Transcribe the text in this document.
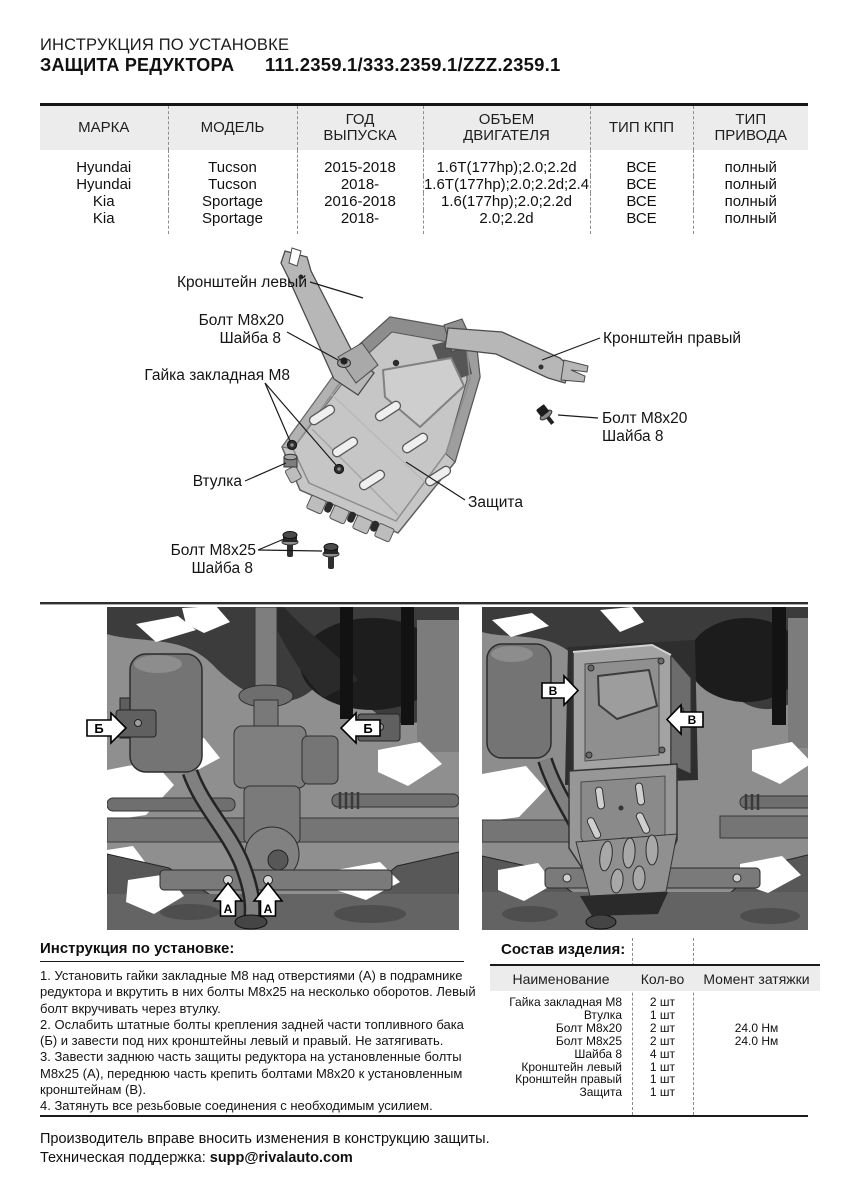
ИНСТРУКЦИЯ ПО УСТАНОВКЕ
ЗАЩИТА РЕДУКТОРА 111.2359.1/333.2359.1/ZZZ.2359.1
МАРКА	МОДЕЛЬ	ГОД ВЫПУСКА	ОБЪЕМ ДВИГАТЕЛЯ	ТИП КПП	ТИП ПРИВОДА
Hyundai	Tucson	2015-2018	1.6T(177hp);2.0;2.2d	ВСЕ	полный
Hyundai	Tucson	2018-	1.6T(177hp);2.0;2.2d;2.4	ВСЕ	полный
Kia	Sportage	2016-2018	1.6(177hp);2.0;2.2d	ВСЕ	полный
Kia	Sportage	2018-	2.0;2.2d	ВСЕ	полный
Кронштейн левый
Болт М8х20
Шайба 8
Гайка закладная М8
Втулка
Кронштейн правый
Болт М8х20
Шайба 8
Защита
Болт М8х25
Шайба 8
Б	Б
А	А
В
В
Инструкция по установке:
1. Установить гайки закладные М8 над отверстиями (А) в подрамнике редуктора и вкрутить в них болты М8х25 на несколько оборотов. Левый болт вкручивать через втулку.
2. Ослабить штатные болты крепления задней части топливного бака (Б) и завести под них кронштейны левый и правый. Не затягивать.
3. Завести заднюю часть защиты редуктора на установленные болты М8х25 (А), переднюю часть крепить болтами М8х20 к установленным кронштейнам (В).
4. Затянуть все резьбовые соединения с необходимым усилием.
Состав изделия:
Наименование	Кол-во	Момент затяжки
Гайка закладная М8	2 шт	
Втулка	1 шт	
Болт М8х20	2 шт	24.0 Нм
Болт М8х25	2 шт	24.0 Нм
Шайба 8	4 шт	
Кронштейн левый	1 шт	
Кронштейн правый	1 шт	
Защита	1 шт	
Производитель вправе вносить изменения в конструкцию защиты.
Техническая поддержка: supp@rivalauto.com
